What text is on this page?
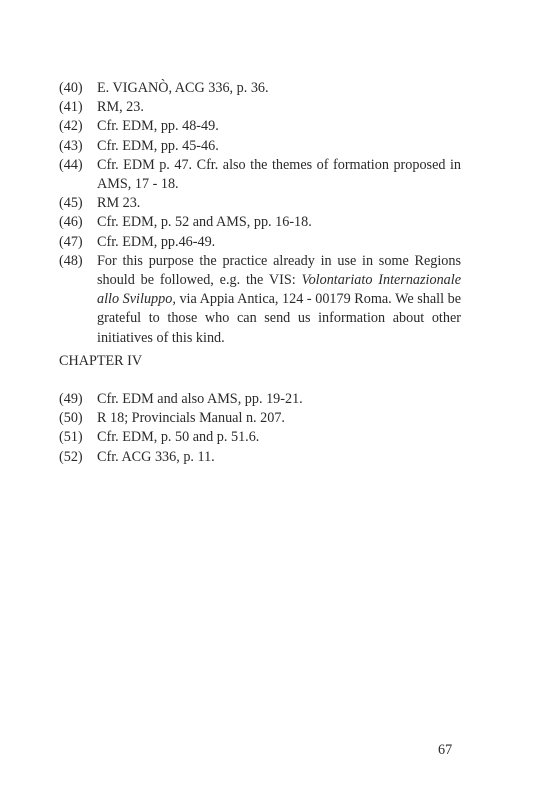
(40)	E. VIGANÒ, ACG 336, p. 36.
(41)	RM, 23.
(42)	Cfr. EDM, pp. 48-49.
(43)	Cfr. EDM, pp. 45-46.
(44)	Cfr. EDM p. 47. Cfr. also the themes of formation proposed in AMS, 17 - 18.
(45)	RM 23.
(46)	Cfr. EDM, p. 52 and AMS, pp. 16-18.
(47)	Cfr. EDM, pp.46-49.
(48)	For this purpose the practice already in use in some Regions should be followed, e.g. the VIS: Volontariato Internazionale allo Sviluppo, via Appia Antica, 124 - 00179 Roma. We shall be grateful to those who can send us information about other initiatives of this kind.
CHAPTER IV
(49)	Cfr. EDM and also AMS, pp. 19-21.
(50)	R 18; Provincials Manual n. 207.
(51)	Cfr. EDM, p. 50 and p. 51.6.
(52)	Cfr. ACG 336, p. 11.
67
